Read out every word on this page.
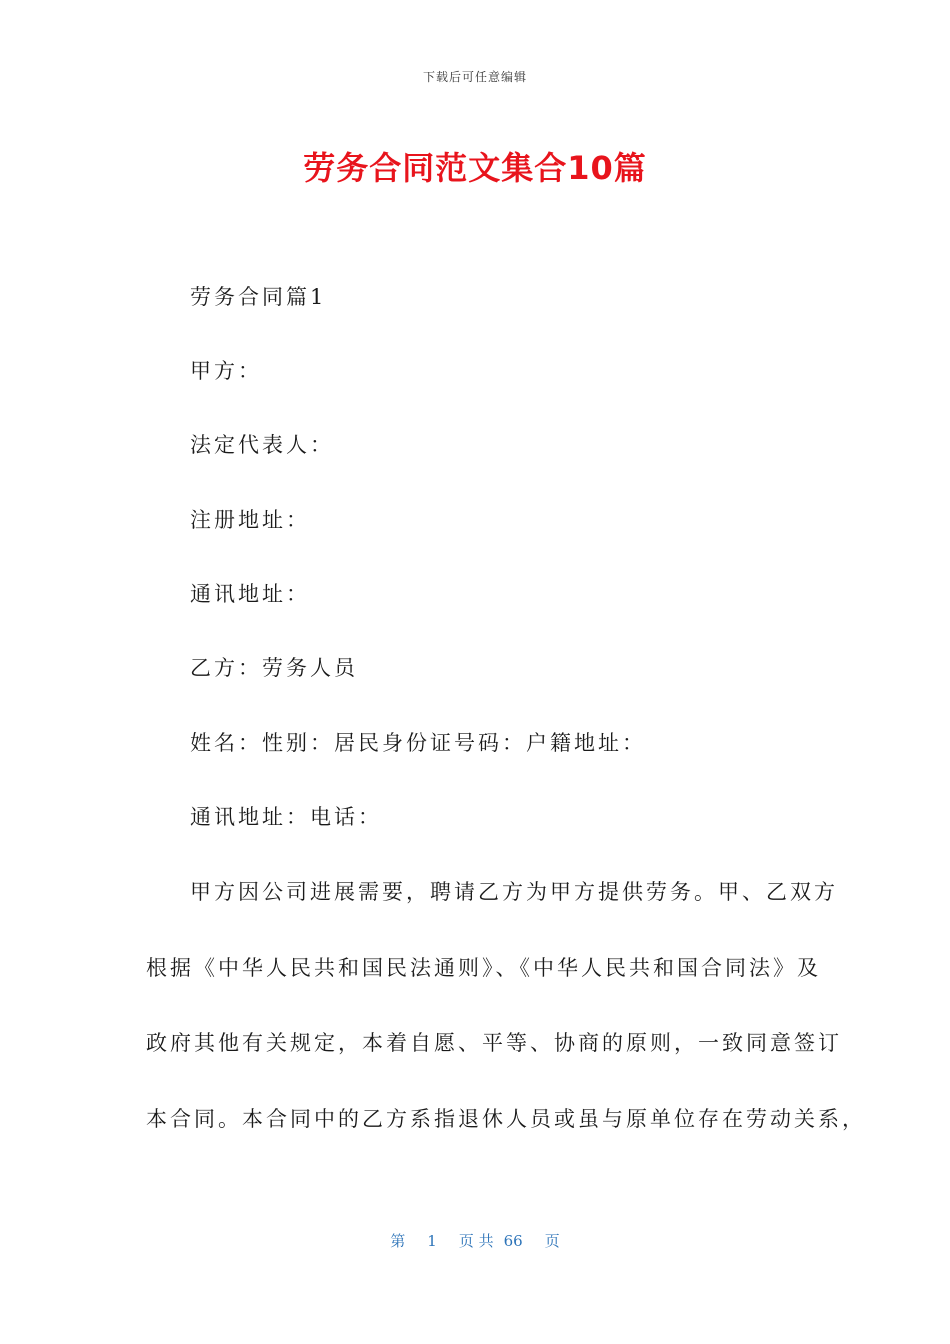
下载后可任意编辑
劳务合同范文集合10篇
劳务合同篇1
甲方：
法定代表人：
注册地址：
通讯地址：
乙方：劳务人员
姓名：性别：居民身份证号码：户籍地址：
通讯地址：电话：
甲方因公司进展需要，聘请乙方为甲方提供劳务。甲、乙双方
根据《中华人民共和国民法通则》、《中华人民共和国合同法》及
政府其他有关规定，本着自愿、平等、协商的原则，一致同意签订
本合同。本合同中的乙方系指退休人员或虽与原单位存在劳动关系，
第 1 页 共 66 页
